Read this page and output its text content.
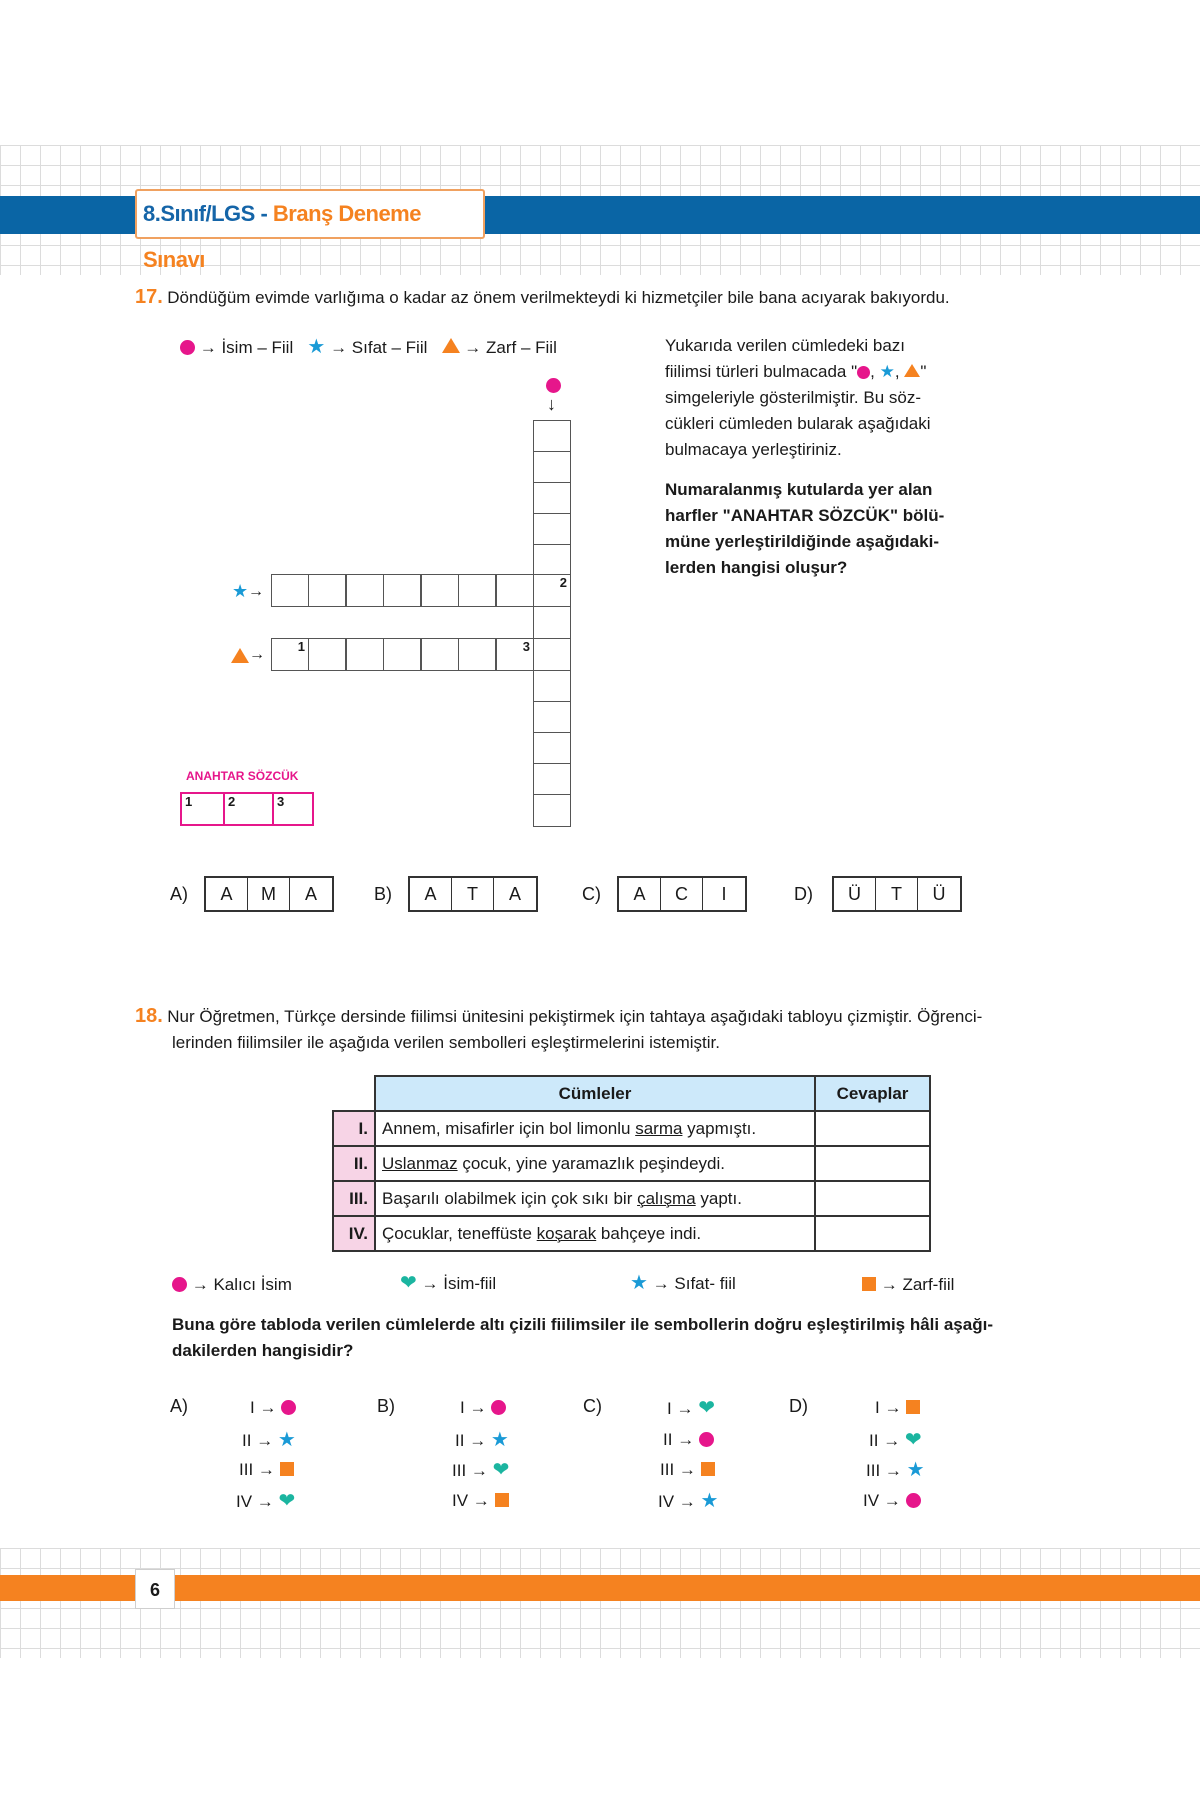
8.Sınıf/LGS - Branş Deneme Sınavı
6
17. Döndüğüm evimde varlığıma o kadar az önem verilmekteydi ki hizmetçiler bile bana acıyarak bakıyordu.
→ İsim – Fiil ★ → Sıfat – Fiil → Zarf – Fiil	Yukarıda verilen cümledeki bazı
fiilimsi türleri bulmacada " , ★, "
simgeleriyle gösterilmiştir. Bu söz-
cükleri cümleden bularak aşağıdaki
bulmacaya yerleştiriniz.
Numaralanmış kutularda yer alan
harfler "ANAHTAR SÖZCÜK" bölü-
müne yerleştirildiğinde aşağıdaki-
lerden hangisi oluşur?
↓
2
★ →
→	1	3
ANAHTAR SÖZCÜK
1	2	3
A)	A	M	A	B)	A	T	A	C)	A	C	I	D)	Ü	T	Ü
18. Nur Öğretmen, Türkçe dersinde fiilimsi ünitesini pekiştirmek için tahtaya aşağıdaki tabloyu çizmiştir. Öğrenci-
lerinden fiilimsiler ile aşağıda verilen sembolleri eşleştirmelerini istemiştir.
	Cümleler	Cevaplar
I.	Annem, misafirler için bol limonlu sarma yapmıştı.	
II.	Uslanmaz çocuk, yine yaramazlık peşindeydi.	
III.	Başarılı olabilmek için çok sıkı bir çalışma yaptı.	
IV.	Çocuklar, teneffüste koşarak bahçeye indi.	
→ Kalıcı İsim	❤ → İsim-fiil	★ → Sıfat- fiil	→ Zarf-fiil
Buna göre tabloda verilen cümlelerde altı çizili fiilimsiler ile sembollerin doğru eşleştirilmiş hâli aşağı-
dakilerden hangisidir?
A)	I →
II → ★
III →
IV → ❤
B)	I →
II → ★
III → ❤
IV →
C)	I → ❤
II →
III →
IV → ★
D)	I →
II → ❤
III → ★
IV →
